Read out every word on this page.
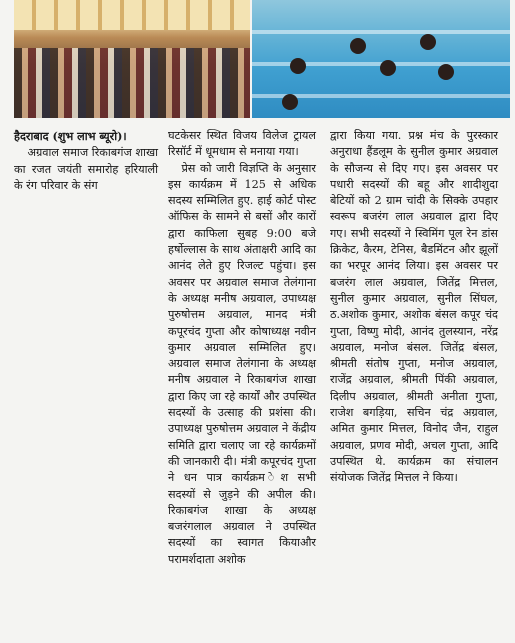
हैदराबाद (शुभ लाभ ब्यूरो)।

अग्रवाल समाज रिकाबगंज शाखा का रजत जयंती समारोह हरियाली के रंग परिवार के संग

घटकेसर स्थित विजय विलेज ट्रायल रिसॉर्ट में धूमधाम से मनाया गया।

प्रेस को जारी विज्ञप्ति के अनुसार इस कार्यक्रम में 125 से अधिक सदस्य सम्मिलित हुए. हाई कोर्ट पोस्ट ऑफिस के सामने से बसों और कारों द्वारा काफिला सुबह 9:00 बजे हर्षोल्लास के साथ अंताक्षरी आदि का आनंद लेते हुए रिजल्ट पहुंचा। इस अवसर पर अग्रवाल समाज तेलंगाना के अध्यक्ष मनीष अग्रवाल, उपाध्यक्ष पुरुषोत्तम अग्रवाल, मानद मंत्री कपूरचंद गुप्ता और कोषाध्यक्ष नवीन कुमार अग्रवाल सम्मिलित हुए। अग्रवाल समाज तेलंगाना के अध्यक्ष मनीष अग्रवाल ने रिकाबगंज शाखा द्वारा किए जा रहे कार्यों और उपस्थित सदस्यों के उत्साह की प्रशंसा की। उपाध्यक्ष पुरुषोत्तम अग्रवाल ने केंद्रीय समिति द्वारा चलाए जा रहे कार्यक्रमों की जानकारी दी। मंत्री कपूरचंद गुप्ता ने धन पात्र कार्यक्रम ेश सभी सदस्यों से जुड़ने की अपील की। रिकाबगंज शाखा के अध्यक्ष बजरंगलाल अग्रवाल ने उपस्थित सदस्यों का स्वागत कियाऔर परामर्शदाता अशोक

द्वारा किया गया. प्रश्न मंच के पुरस्कार अनुराधा हैंडलूम के सुनील कुमार अग्रवाल के सौजन्य से दिए गए। इस अवसर पर पधारी सदस्यों की बहू और शादीशुदा बेटियों को 2 ग्राम चांदी के सिक्के उपहार स्वरूप बजरंग लाल अग्रवाल द्वारा दिए गए। सभी सदस्यों ने स्विमिंग पूल रेन डांस क्रिकेट, कैरम, टेनिस, बैडमिंटन और झूलों का भरपूर आनंद लिया। इस अवसर पर बजरंग लाल अग्रवाल, जितेंद्र मित्तल, सुनील कुमार अग्रवाल, सुनील सिंघल, ठ.अशोक कुमार, अशोक बंसल कपूर चंद गुप्ता, विष्णु मोदी, आनंद तुलस्यान, नरेंद्र अग्रवाल, मनोज बंसल. जितेंद्र बंसल, श्रीमती संतोष गुप्ता, मनोज अग्रवाल, राजेंद्र अग्रवाल, श्रीमती पिंकी अग्रवाल, दिलीप अग्रवाल, श्रीमती अनीता गुप्ता, राजेश बगड़िया, सचिन चंद्र अग्रवाल, अमित कुमार मित्तल, विनोद जैन, राहुल अग्रवाल, प्रणव मोदी, अचल गुप्ता, आदि उपस्थित थे. कार्यक्रम का संचालन संयोजक जितेंद्र मित्तल ने किया।
